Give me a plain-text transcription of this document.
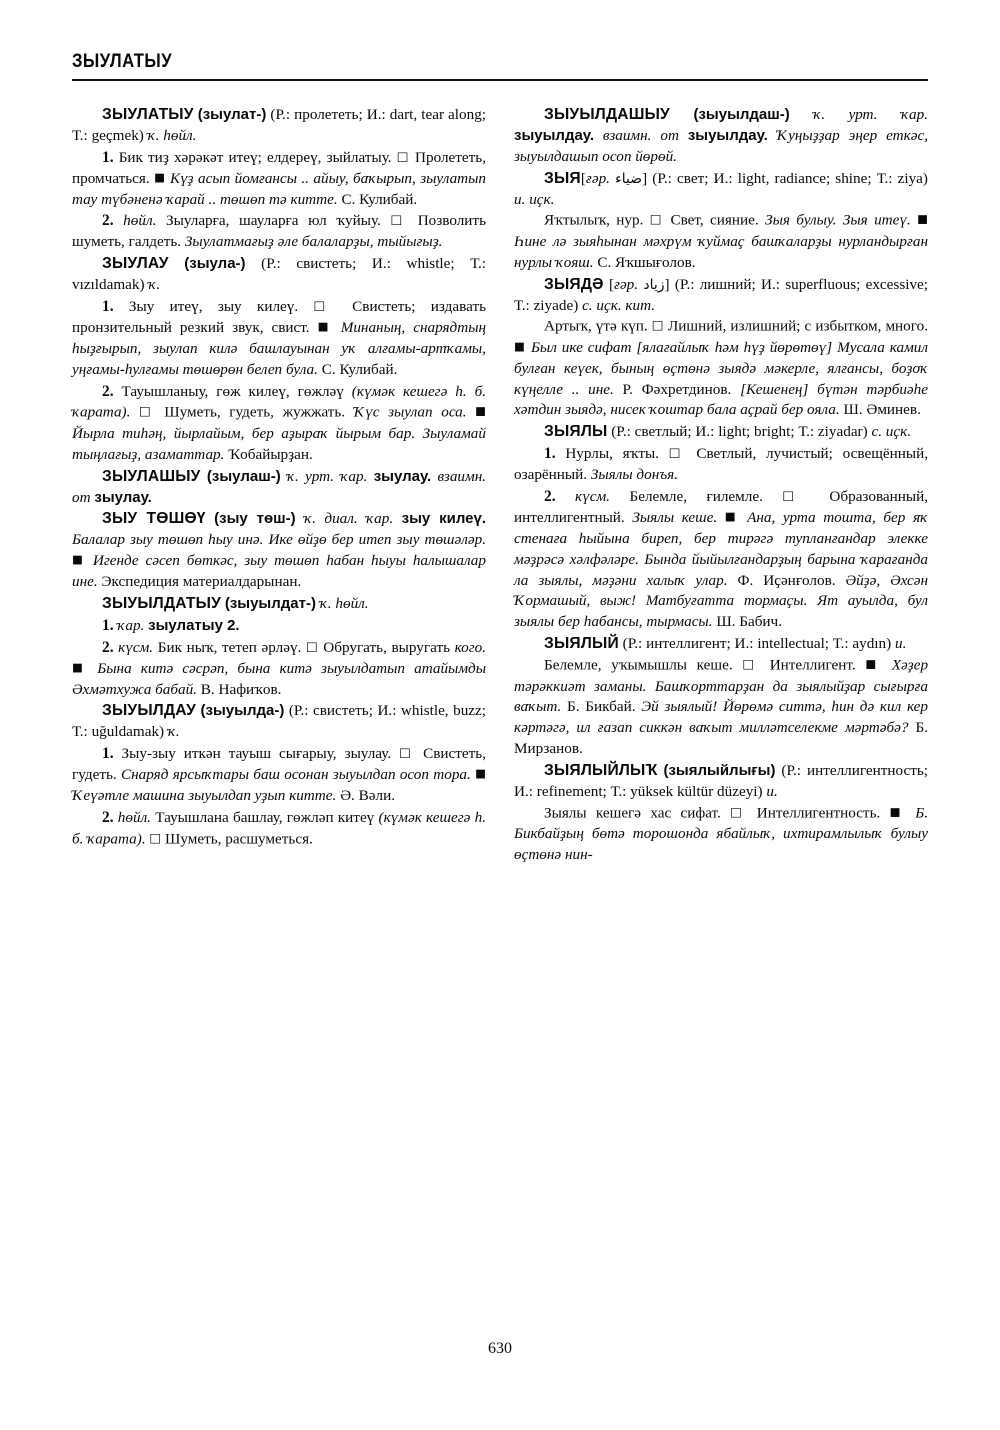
ЗЫУЛАТЫУ

ЗЫУЛАТЫУ (зыулат-) (Р.: пролететь; И.: dart, tear along; Т.: geçmek) ҡ. һөйл.

1. Бик тиҙ хәрәкәт итеү; елдереү, зыйлатыу. □ Пролететь, промчаться. ■ Күҙ асып йомғансы .. айыу, баҡырып, зыулатып тау түбәненә ҡарай .. төшөп тә китте. С. Кулибай.

2. һөйл. Зыуларға, шауларға юл ҡуйыу. □ Позволить шуметь, галдеть. Зыулатмағыҙ әле балаларҙы, тыйығыҙ.

ЗЫУЛАУ (зыула-) (Р.: свистеть; И.: whistle; Т.: vızıldamak) ҡ.

1. Зыу итеү, зыу килеү. □ Свистеть; издавать пронзительный резкий звук, свист. ■ Минаның, снарядтың һыҙғырып, зыулап килә башлауынан уҡ алғамы-артҡамы, уңғамы-һулғамы төшөрөн белеп була. С. Кулибай.

2. Тауышланыу, гөж килеү, гөжләү (күмәк кешегә һ. б. ҡарата). □ Шуметь, гудеть, жужжать. Ҡүс зыулап оса. ■ Йырла тиһәң, йырлайым, бер аҙыраҡ йырым бар. Зыуламай тыңлағыҙ, азаматтар. Ҡобайырҙан.

ЗЫУЛАШЫУ (зыулаш-) ҡ. урт. ҡар. зыулау. взаимн. от зыулау.

ЗЫУ ТӨШӨҮ (зыу төш-) ҡ. диал. ҡар. зыу килеү. Балалар зыу төшөп һыу инә. Ике өйҙө бер итеп зыу төшәләр. ■ Игенде сәсеп бөткәс, зыу төшөп һабан һыуы һалышалар ине. Экспедиция материалдарынан.

ЗЫУЫЛДАТЫУ (зыуылдат-) ҡ. һөйл.

1. ҡар. зыулатыу 2.

2. күсм. Бик ныҡ, тетеп әрләү. □ Обругать, выругать кого. ■ Бына китә сәсрәп, бына китә зыуылдатып атайымды Әхмәтхужа бабай. В. Нафиҡов.

ЗЫУЫЛДАУ (зыуылда-) (Р.: свистеть; И.: whistle, buzz; Т.: uğuldamak) ҡ.

1. Зыу-зыу иткән тауыш сығарыу, зыулау. □ Свистеть, гудеть. Снаряд ярсыҡтары баш осонан зыуылдап осоп тора. ■ Ҡеүәтле машина зыуылдап уҙып китте. Ә. Вәли.

2. һөйл. Тауышлана башлау, гөжләп китеү (күмәк кешегә һ. б. ҡарата). □ Шуметь, расшуметься.

ЗЫУЫЛДАШЫУ (зыуылдаш-) ҡ. урт. ҡар. зыуылдау. взаимн. от зыуылдау. Ҡуңыҙҙар эңер еткәс, зыуылдашып осоп йөрөй.

ЗЫЯ[ғәр. ضياء] (Р.: свет; И.: light, radiance; shine; Т.: ziya) и. иҫк.

Яҡтылыҡ, нур. □ Свет, сияние. Зыя булыу. Зыя итеү. ■ Һине лә зыяһынан мәхрүм ҡуймаҫ башҡаларҙы нурландырған нурлы ҡояш. С. Яҡшығолов.

ЗЫЯДӘ [ғәр. زياد] (Р.: лишний; И.: superfluous; excessive; Т.: ziyade) с. иҫк. кит.

Артыҡ, үтә күп. □ Лишний, излишний; с избытком, много. ■ Был ике сифат [ялағайлыҡ һәм һүҙ йөрөтөү] Мусала камил булған кеүек, бының өҫтөнә зыядә мәкерле, ялғансы, боҙоҡ күңелле .. ине. Р. Фәхретдинов. [Кешенең] бүтән тәрбиәһе хәтдин зыядә, нисек ҡоштар бала аҫрай бер ояла. Ш. Әминев.

ЗЫЯЛЫ (Р.: светлый; И.: light; bright; Т.: ziyadar) с. иҫк.

1. Нурлы, яҡты. □ Светлый, лучистый; освещённый, озарённый. Зыялы донъя.

2. күсм. Белемле, ғилемле. □ Образованный, интеллигентный. Зыялы кеше. ■ Ана, урта тошта, бер яҡ стенаға һыйына биреп, бер тирәгә тупланғандар элекке мәҙрәсә хәлфәләре. Бында йыйылғандарҙың барына ҡарағанда ла зыялы, мәҙәни халыҡ улар. Ф. Иҫәнғолов. Әйҙә, Әхсән Ҡормашый, выж! Матбуғатта тормаҫы. Ят ауылда, бул зыялы бер һабансы, тырмасы. Ш. Бабич.

ЗЫЯЛЫЙ (Р.: интеллигент; И.: intellectual; Т.: aydın) и.

Белемле, уҡымышлы кеше. □ Интеллигент. ■ Хәҙер тәрәккиәт заманы. Башҡорттарҙан да зыялыйҙар сығырға ваҡыт. Б. Бикбай. Эй зыялый! Йөрөмә ситтә, һин дә кил кер кәртәгә, ил ғазап сиккән ваҡыт милләтселекме мәртәбә? Б. Мирзанов.

ЗЫЯЛЫЙЛЫҠ (зыялыйлығы) (Р.: интеллигентность; И.: refinement; Т.: yüksek kültür düzeyi) и.

Зыялы кешегә хас сифат. □ Интеллигентность. ■ Б. Бикбайҙың бөтә торошонда ябайлыҡ, ихтирамлылыҡ булыу өҫтөнә нин-

630
